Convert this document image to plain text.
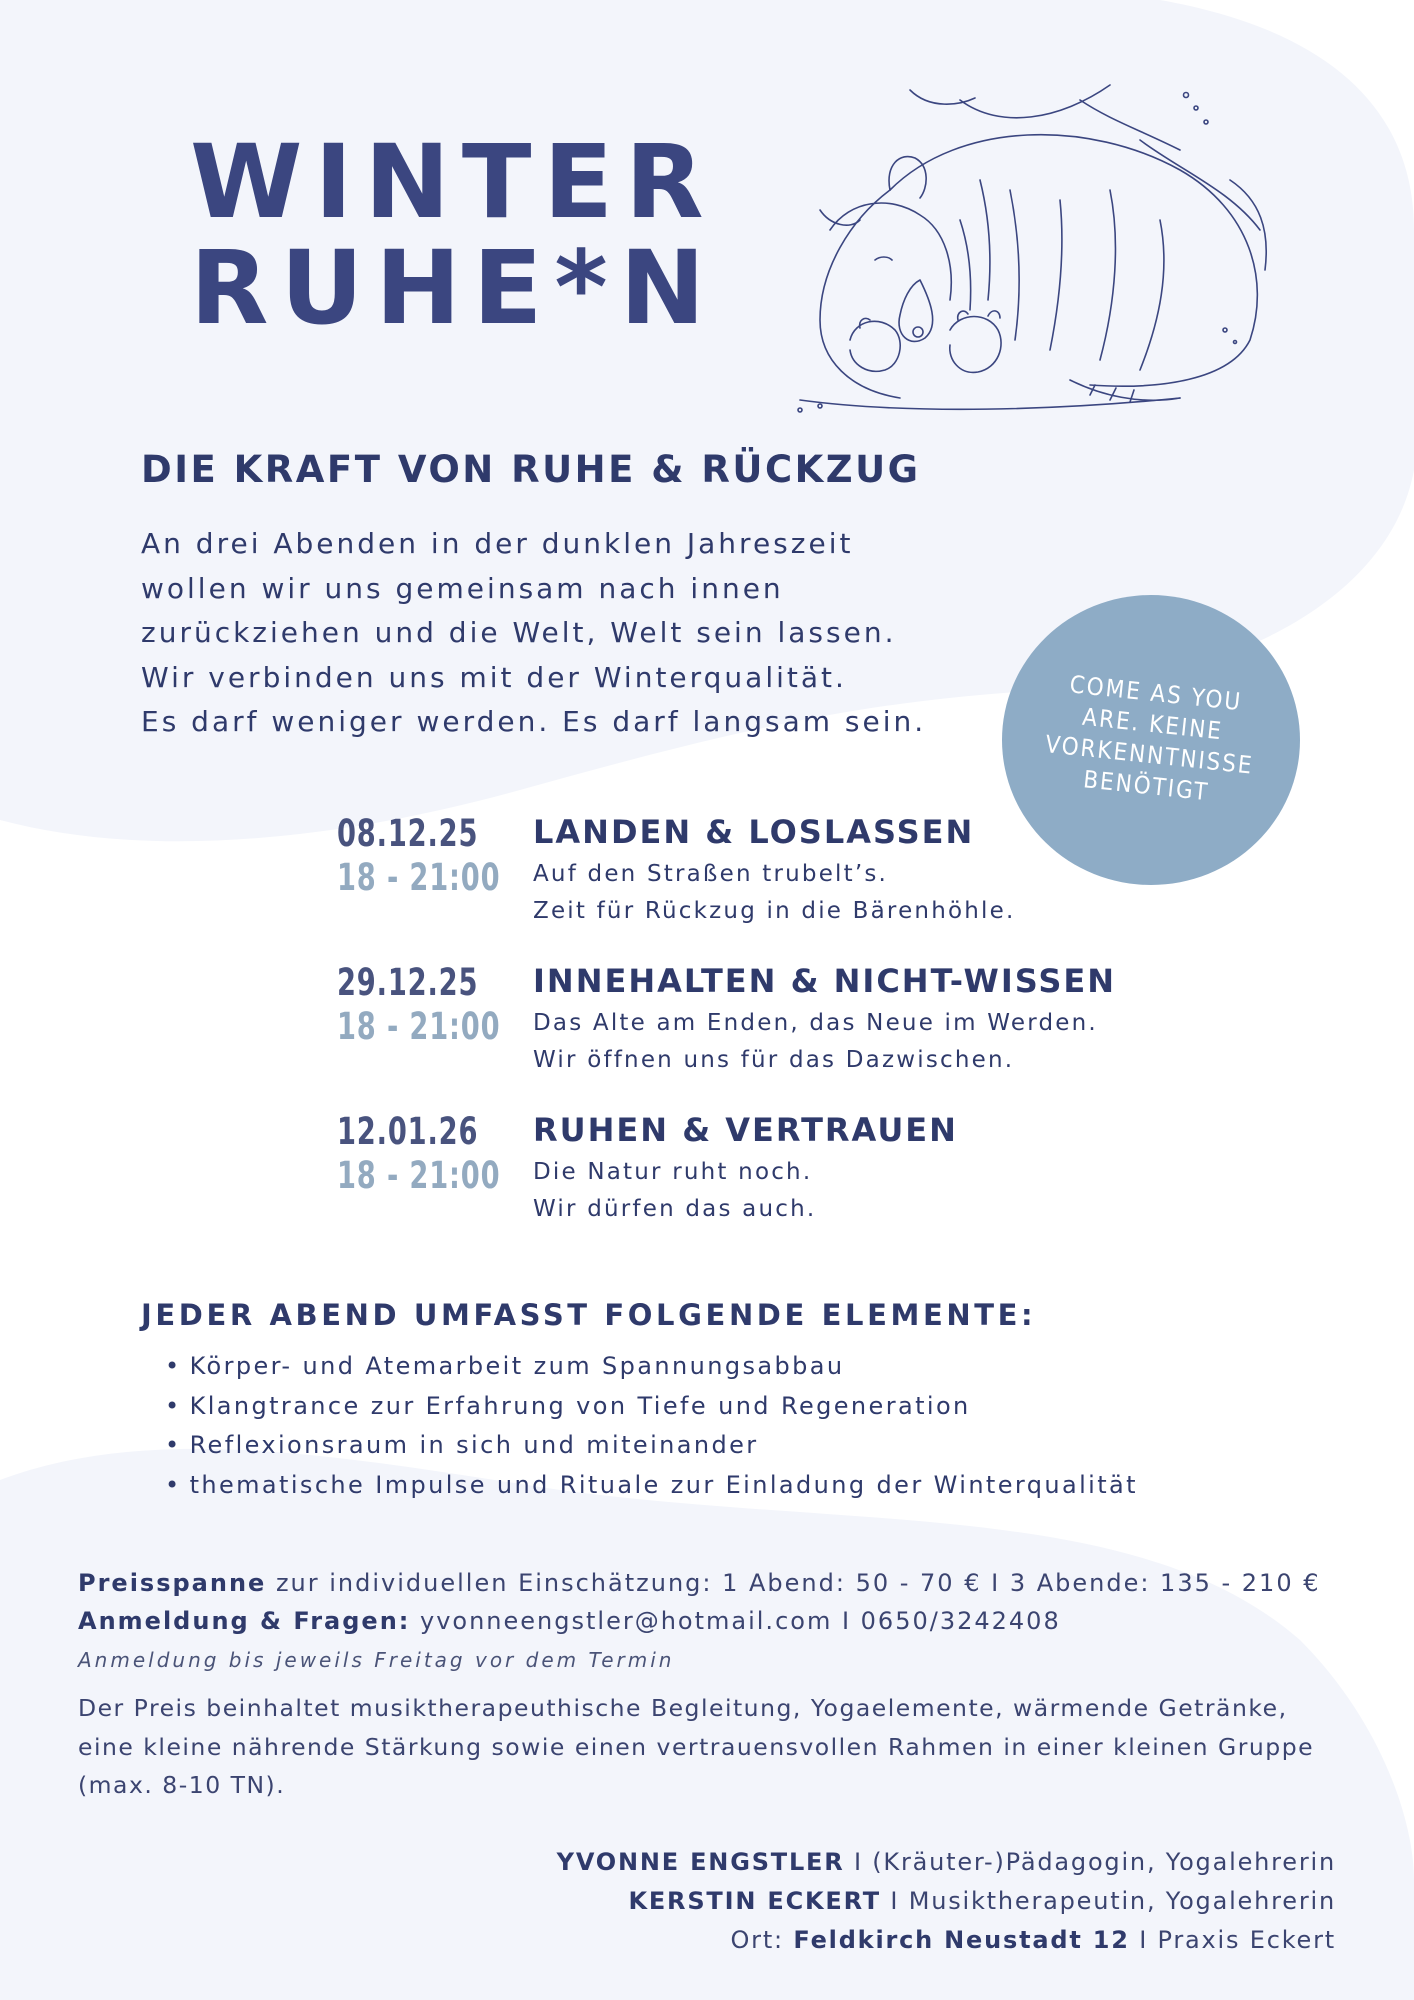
WINTER
RUHE*N
DIE KRAFT VON RUHE & RÜCKZUG
An drei Abenden in der dunklen Jahreszeit
wollen wir uns gemeinsam nach innen
zurückziehen und die Welt, Welt sein lassen.
Wir verbinden uns mit der Winterqualität.
Es darf weniger werden. Es darf langsam sein.
COME AS YOU ARE. KEINE VORKENNTNISSE BENÖTIGT
08.12.25
18 - 21:00
LANDEN & LOSLASSEN
Auf den Straßen trubelt’s.
Zeit für Rückzug in die Bärenhöhle.
29.12.25
18 - 21:00
INNEHALTEN & NICHT-WISSEN
Das Alte am Enden, das Neue im Werden.
Wir öffnen uns für das Dazwischen.
12.01.26
18 - 21:00
RUHEN & VERTRAUEN
Die Natur ruht noch.
Wir dürfen das auch.
JEDER ABEND UMFASST FOLGENDE ELEMENTE:
• Körper- und Atemarbeit zum Spannungsabbau
• Klangtrance zur Erfahrung von Tiefe und Regeneration
• Reflexionsraum in sich und miteinander
• thematische Impulse und Rituale zur Einladung der Winterqualität
Preisspanne zur individuellen Einschätzung: 1 Abend: 50 - 70 € I 3 Abende: 135 - 210 €
Anmeldung & Fragen: yvonneengstler@hotmail.com I 0650/3242408
Anmeldung bis jeweils Freitag vor dem Termin
Der Preis beinhaltet musiktherapeuthische Begleitung, Yogaelemente, wärmende Getränke, eine kleine nährende Stärkung sowie einen vertrauensvollen Rahmen in einer kleinen Gruppe (max. 8-10 TN).
YVONNE ENGSTLER I (Kräuter-)Pädagogin, Yogalehrerin
KERSTIN ECKERT I Musiktherapeutin, Yogalehrerin
Ort: Feldkirch Neustadt 12 I Praxis Eckert
